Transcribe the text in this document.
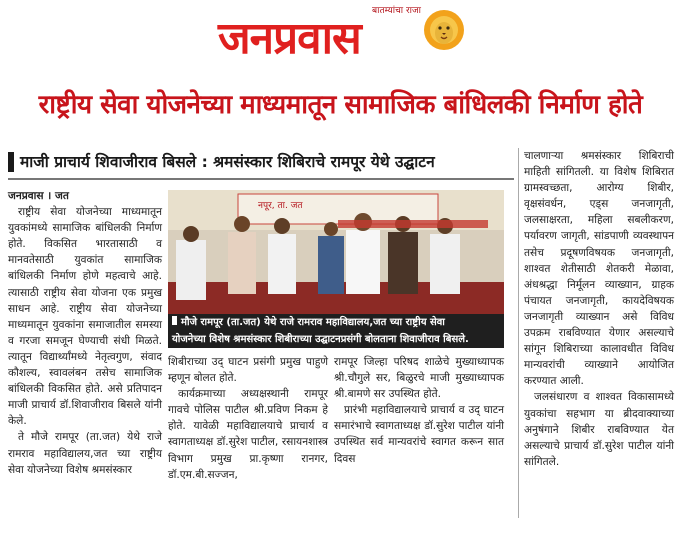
बातम्यांचा राजा
जनप्रवास
राष्ट्रीय सेवा योजनेच्या माध्यमातून सामाजिक बांधिलकी निर्माण होते
माजी प्राचार्य शिवाजीराव बिसले : श्रमसंस्कार शिबिराचे रामपूर येथे उद्घाटन

जनप्रवास । जत

राष्ट्रीय सेवा योजनेच्या माध्यमातून युवकांमध्ये सामाजिक बांधिलकी निर्माण होते. विकसित भारतासाठी व मानवतेसाठी युवकांत सामाजिक बांधिलकी निर्माण होणे महत्वाचे आहे. त्यासाठी राष्ट्रीय सेवा योजना एक प्रमुख साधन आहे. राष्ट्रीय सेवा योजनेच्या माध्यमातून युवकांना समाजातील समस्या व गरजा समजून घेण्याची संधी मिळते. त्यातून विद्यार्थ्यांमध्ये नेतृत्वगुण, संवाद कौशल्य, स्वावलंबन तसेच सामाजिक बांधिलकी विकसित होते. असे प्रतिपादन माजी प्राचार्य डॉ.शिवाजीराव बिसले यांनी केले.

ते मौजे रामपूर (ता.जत) येथे राजे रामराव महाविद्यालय,जत च्या राष्ट्रीय सेवा योजनेच्या विशेष श्रमसंस्कार

नपूर, ता. जत
मौजे रामपूर (ता.जत) येथे राजे रामराव महाविद्यालय,जत च्या राष्ट्रीय सेवा
योजनेच्या विशेष श्रमसंस्कार शिबीराच्या उद्घाटनप्रसंगी बोलताना शिवाजीराव बिसले.

शिबीराच्या उद्‌ घाटन प्रसंगी प्रमुख पाहुणे म्हणून बोलत होते.

कार्यक्रमाच्या अध्यक्षस्थानी रामपूर गावचे पोलिस पाटील श्री.प्रविण निकम हे होते. यावेळी महाविद्यालयाचे प्राचार्य व स्वागताध्यक्ष डॉ.सुरेश पाटील, रसायनशास्त्र विभाग प्रमुख प्रा.कृष्णा रानगर, डॉ.एम.बी.सज्जन,

रामपूर जिल्हा परिषद शाळेचे मुख्याध्यापक श्री.चौगुले सर, बिळुरचे माजी मुख्याध्यापक श्री.बामणे सर उपस्थित होते.

प्रारंभी महाविद्यालयाचे प्राचार्य व उद्‌ घाटन समारंभाचे स्वागताध्यक्ष डॉ.सुरेश पाटील यांनी उपस्थित सर्व मान्यवरांचे स्वागत करून सात दिवस

चालणाऱ्या श्रमसंस्कार शिबिराची माहिती सांगितली. या विशेष शिबिरात ग्रामस्वच्छता, आरोग्य शिबीर, वृक्षसंवर्धन, एड्स जनजागृती, जलसाक्षरता, महिला सबलीकरण, पर्यावरण जागृती, सांडपाणी व्यवस्थापन तसेच प्रदूषणविषयक जनजागृती, शाश्वत शेतीसाठी शेतकरी मेळावा, अंधश्रद्धा निर्मूलन व्याख्यान, ग्राहक पंचायत जनजागृती, कायदेविषयक जनजागृती व्याख्यान असे विविध उपक्रम राबविण्यात येणार असल्याचे सांगून शिबिराच्या कालावधीत विविध मान्यवरांची व्याख्याने आयोजित करण्यात आली.

जलसंधारण व शाश्वत विकासामध्ये युवकांचा सहभाग या ब्रीदवाक्याच्या अनुषंगाने शिबीर राबविण्यात येत असल्याचे प्राचार्य डॉ.सुरेश पाटील यांनी सांगितले.
